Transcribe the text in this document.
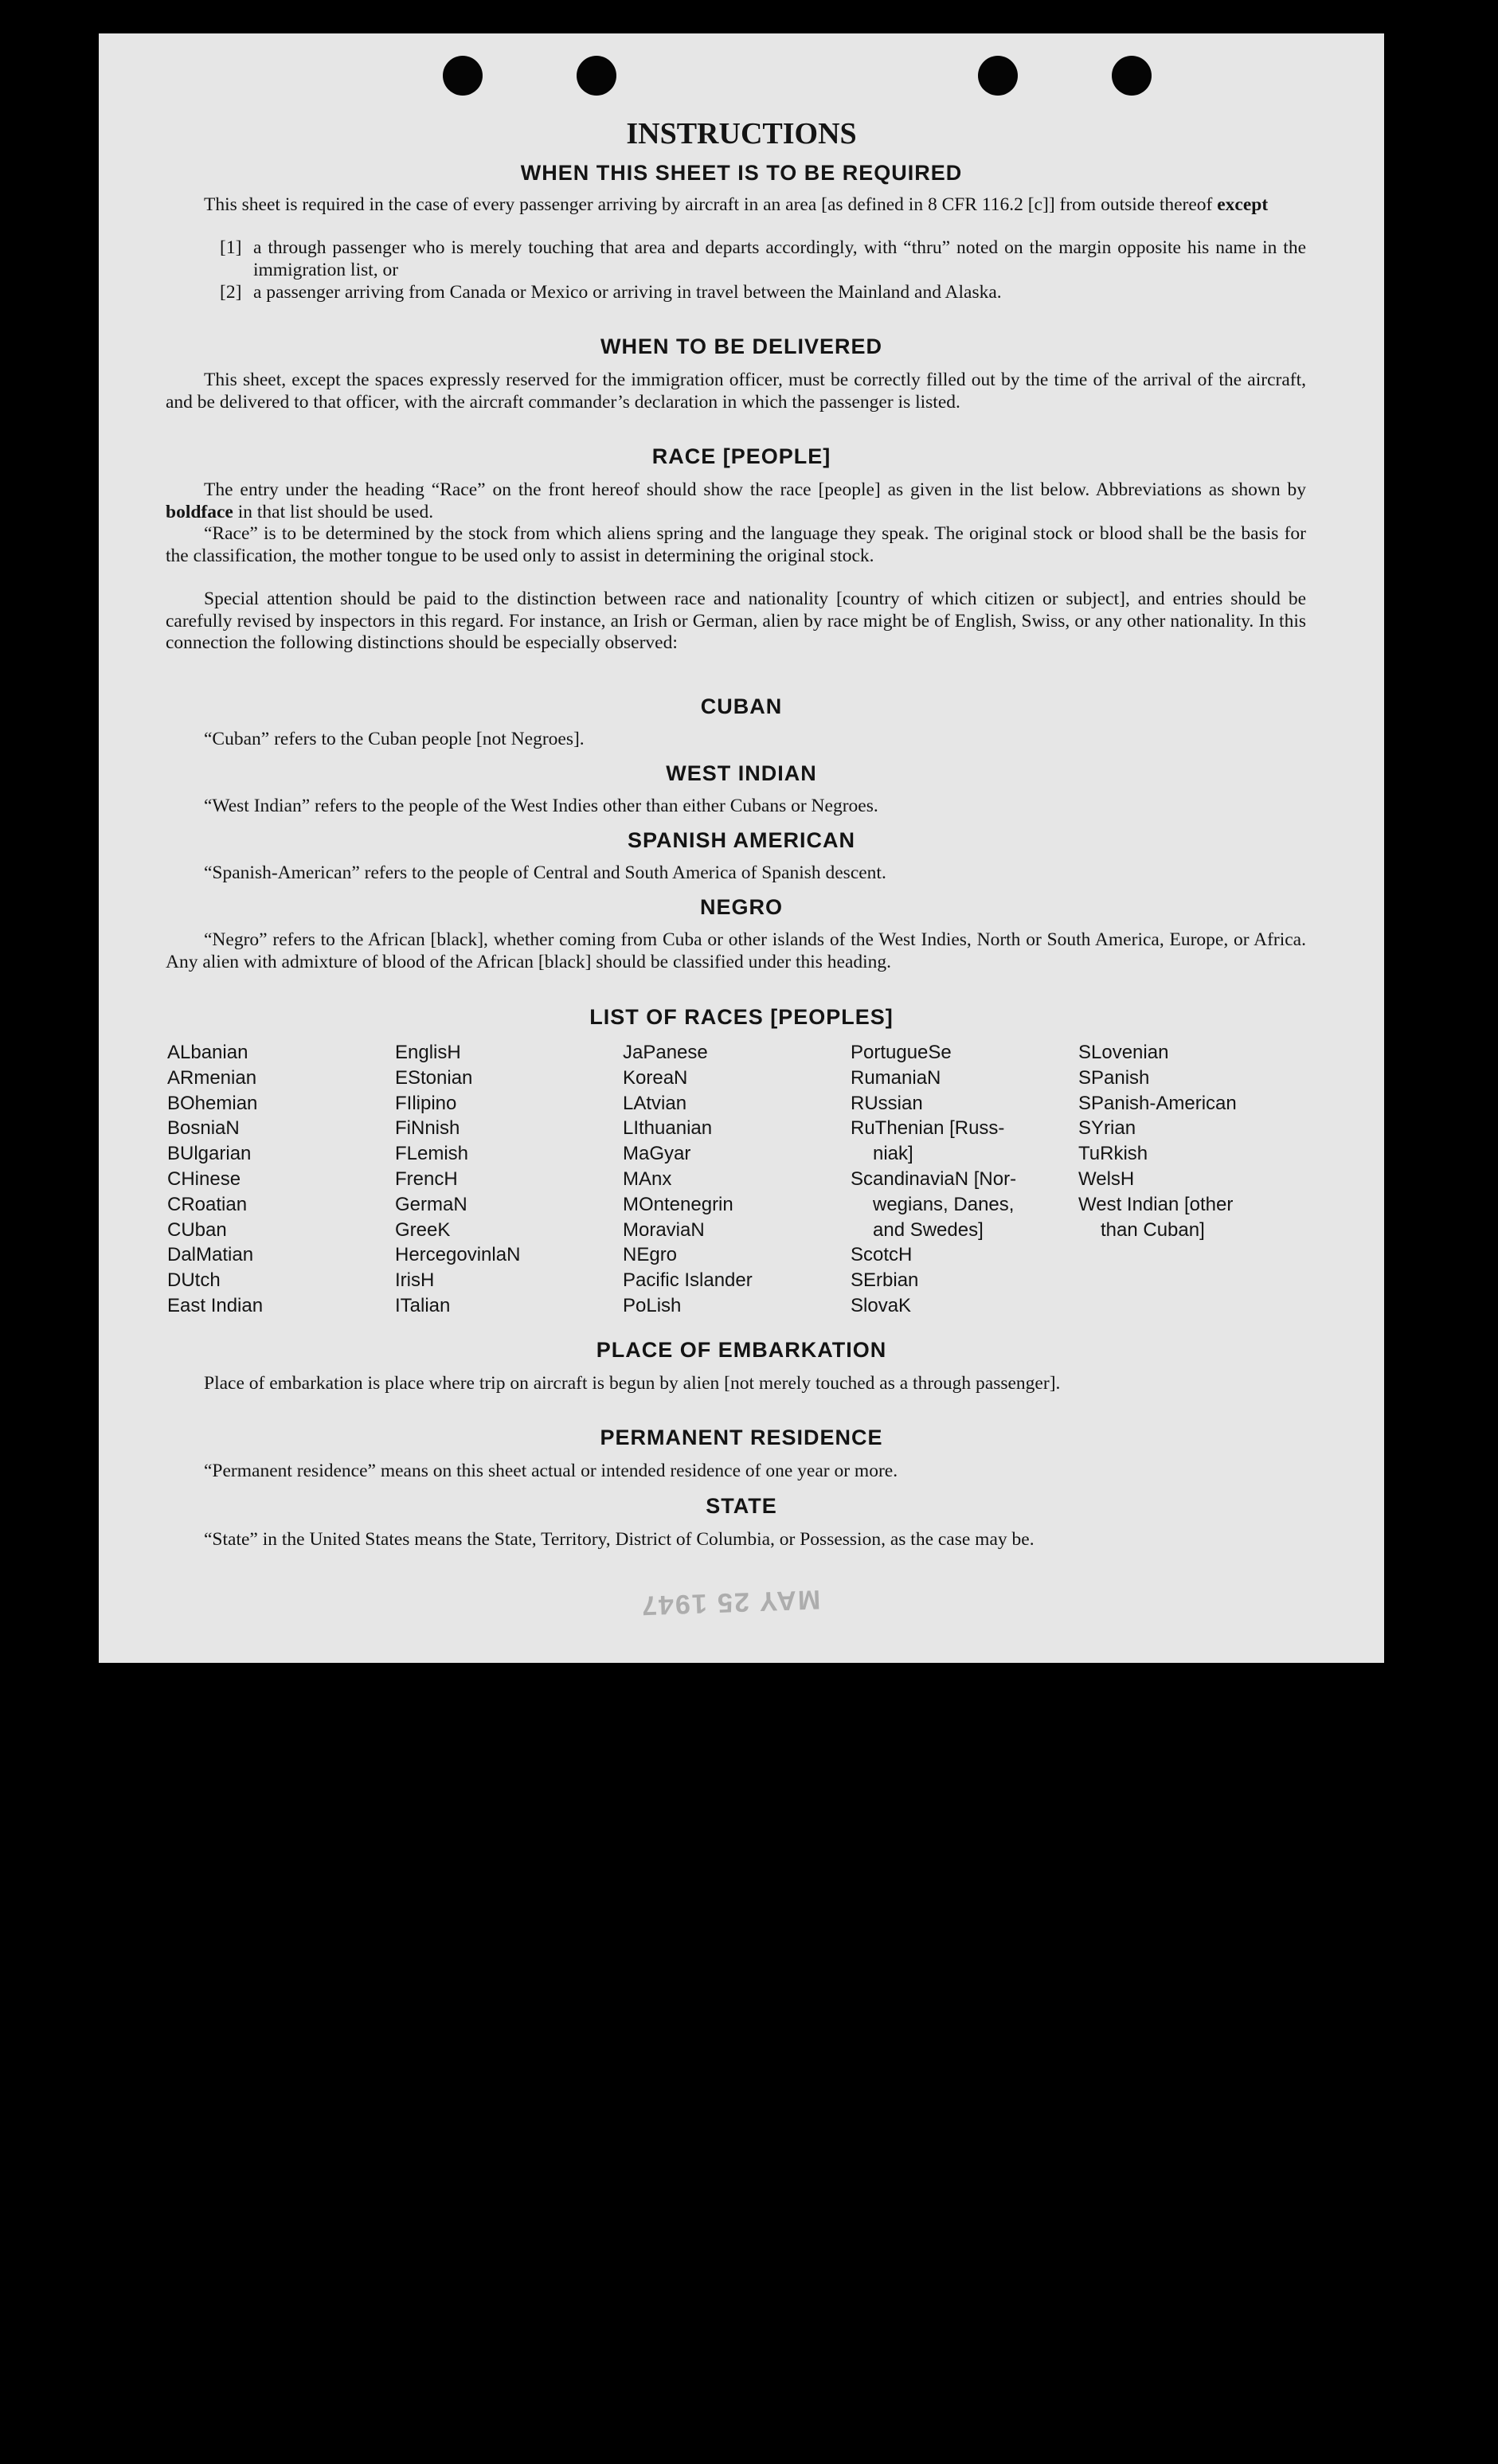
INSTRUCTIONS
WHEN THIS SHEET IS TO BE REQUIRED

This sheet is required in the case of every passenger arriving by aircraft in an area [as defined in 8 CFR 116.2 [c]] from outside thereof except

[1] a through passenger who is merely touching that area and departs accordingly, with “thru” noted on the margin opposite his name in the immigration list, or
[2] a passenger arriving from Canada or Mexico or arriving in travel between the Mainland and Alaska.
WHEN TO BE DELIVERED

This sheet, except the spaces expressly reserved for the immigration officer, must be correctly filled out by the time of the arrival of the aircraft, and be delivered to that officer, with the aircraft commander’s declaration in which the passenger is listed.

RACE [PEOPLE]

The entry under the heading “Race” on the front hereof should show the race [people] as given in the list below. Abbreviations as shown by boldface in that list should be used.

“Race” is to be determined by the stock from which aliens spring and the language they speak. The original stock or blood shall be the basis for the classification, the mother tongue to be used only to assist in determining the original stock.

Special attention should be paid to the distinction between race and nationality [country of which citizen or subject], and entries should be carefully revised by inspectors in this regard. For instance, an Irish or German, alien by race might be of English, Swiss, or any other nationality. In this connection the following distinctions should be especially observed:

CUBAN

“Cuban” refers to the Cuban people [not Negroes].

WEST INDIAN

“West Indian” refers to the people of the West Indies other than either Cubans or Negroes.

SPANISH AMERICAN

“Spanish-American” refers to the people of Central and South America of Spanish descent.

NEGRO

“Negro” refers to the African [black], whether coming from Cuba or other islands of the West Indies, North or South America, Europe, or Africa. Any alien with admixture of blood of the African [black] should be classified under this heading.

LIST OF RACES [PEOPLES]
ALbanian
ARmenian
BOhemian
BosniaN
BUlgarian
CHinese
CRoatian
CUban
DalMatian
DUtch
East Indian
EnglisH
EStonian
FIlipino
FiNnish
FLemish
FrencH
GermaN
GreeK
HercegovinlaN
IrisH
ITalian
JaPanese
KoreaN
LAtvian
LIthuanian
MaGyar
MAnx
MOntenegrin
MoraviaN
NEgro
Pacific Islander
PoLish
PortugueSe
RumaniaN
RUssian
RuThenian [Russ-
niak]
ScandinaviaN [Nor-
wegians, Danes,
and Swedes]
ScotcH
SErbian
SlovaK
SLovenian
SPanish
SPanish-American
SYrian
TuRkish
WelsH
West Indian [other
than Cuban]
PLACE OF EMBARKATION

Place of embarkation is place where trip on aircraft is begun by alien [not merely touched as a through passenger].

PERMANENT RESIDENCE

“Permanent residence” means on this sheet actual or intended residence of one year or more.

STATE

“State” in the United States means the State, Territory, District of Columbia, or Possession, as the case may be.

MAY 25 1947
